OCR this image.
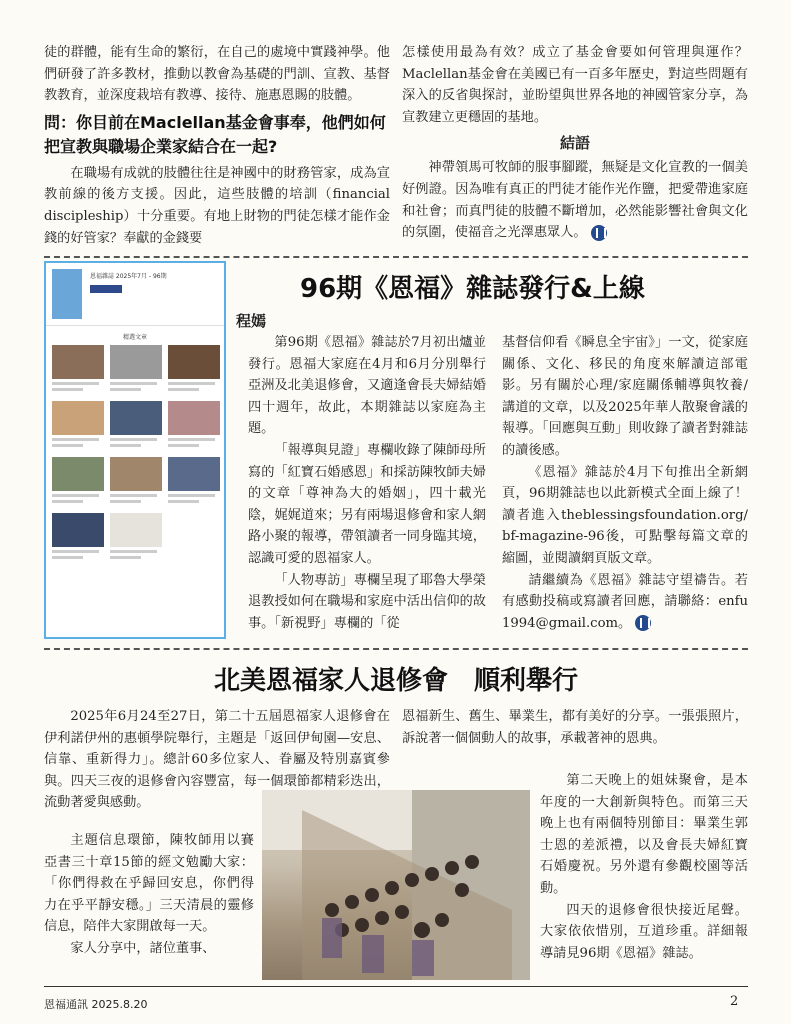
徒的群體，能有生命的繁衍，在自己的處境中實踐神學。他們研發了許多教材，推動以教會為基礎的門訓、宣教、基督教教育，並深度栽培有教導、接待、施惠恩賜的肢體。

問：你目前在Maclellan基金會事奉，他們如何把宣教與職場企業家結合在一起?

在職場有成就的肢體往往是神國中的財務管家，成為宣教前線的後方支援。因此，這些肢體的培訓（financial discipleship）十分重要。有地上財物的門徒怎樣才能作金錢的好管家？奉獻的金錢要

怎樣使用最為有效？成立了基金會要如何管理與運作？Maclellan基金會在美國已有一百多年歷史，對這些問題有深入的反省與探討，並盼望與世界各地的神國管家分享，為宣教建立更穩固的基地。

結語

神帶領馬可牧師的服事腳蹤，無疑是文化宣教的一個美好例證。因為唯有真正的門徒才能作光作鹽，把愛帶進家庭和社會；而真門徒的肢體不斷增加，必然能影響社會與文化的氛圍，使福音之光澤惠眾人。

恩福雜誌 2025年7月 - 96期
精選文章

96期《恩福》雜誌發行&上線

程嫣

第96期《恩福》雜誌於7月初出爐並發行。恩福大家庭在4月和6月分別舉行亞洲及北美退修會，又適逢會長夫婦結婚四十週年，故此，本期雜誌以家庭為主題。

「報導與見證」專欄收錄了陳師母所寫的「紅寶石婚感恩」和採訪陳牧師夫婦的文章「尊神為大的婚姻」，四十載光陰，娓娓道來；另有兩場退修會和家人網路小聚的報導，帶領讀者一同身臨其境，認識可愛的恩福家人。

「人物專訪」專欄呈現了耶魯大學榮退教授如何在職場和家庭中活出信仰的故事。「新視野」專欄的「從

基督信仰看《瞬息全宇宙》」一文，從家庭關係、文化、移民的角度來解讀這部電影。另有關於心理/家庭關係輔導與牧養/講道的文章，以及2025年華人散聚會議的報導。「回應與互動」則收錄了讀者對雜誌的讀後感。

《恩福》雜誌於4月下旬推出全新網頁，96期雜誌也以此新模式全面上線了！讀者進入theblessingsfoundation.org/bf-magazine-96後，可點擊每篇文章的縮圖，並閱讀網頁版文章。

請繼續為《恩福》雜誌守望禱告。若有感動投稿或寫讀者回應，請聯絡：enfu1994@gmail.com。

北美恩福家人退修會　順利舉行

2025年6月24至27日，第二十五屆恩福家人退修會在伊利諾伊州的惠頓學院舉行，主題是「返回伊甸園—安息、信靠、重新得力」。總計60多位家人、眷屬及特別嘉賓參與。四天三夜的退修會內容豐富，每一個環節都精彩迭出，流動著愛與感動。

主題信息環節，陳牧師用以賽亞書三十章15節的經文勉勵大家：「你們得救在乎歸回安息，你們得力在乎平靜安穩。」三天清晨的靈修信息，陪伴大家開啟每一天。

家人分享中，諸位董事、

恩福新生、舊生、畢業生，都有美好的分享。一張張照片，訴說著一個個動人的故事，承載著神的恩典。

第二天晚上的姐妹聚會，是本年度的一大創新與特色。而第三天晚上也有兩個特別節目：畢業生郭士恩的差派禮，以及會長夫婦紅寶石婚慶祝。另外還有參觀校園等活動。

四天的退修會很快接近尾聲。大家依依惜別，互道珍重。詳細報導請見96期《恩福》雜誌。

恩福通訊 2025.8.20	2
